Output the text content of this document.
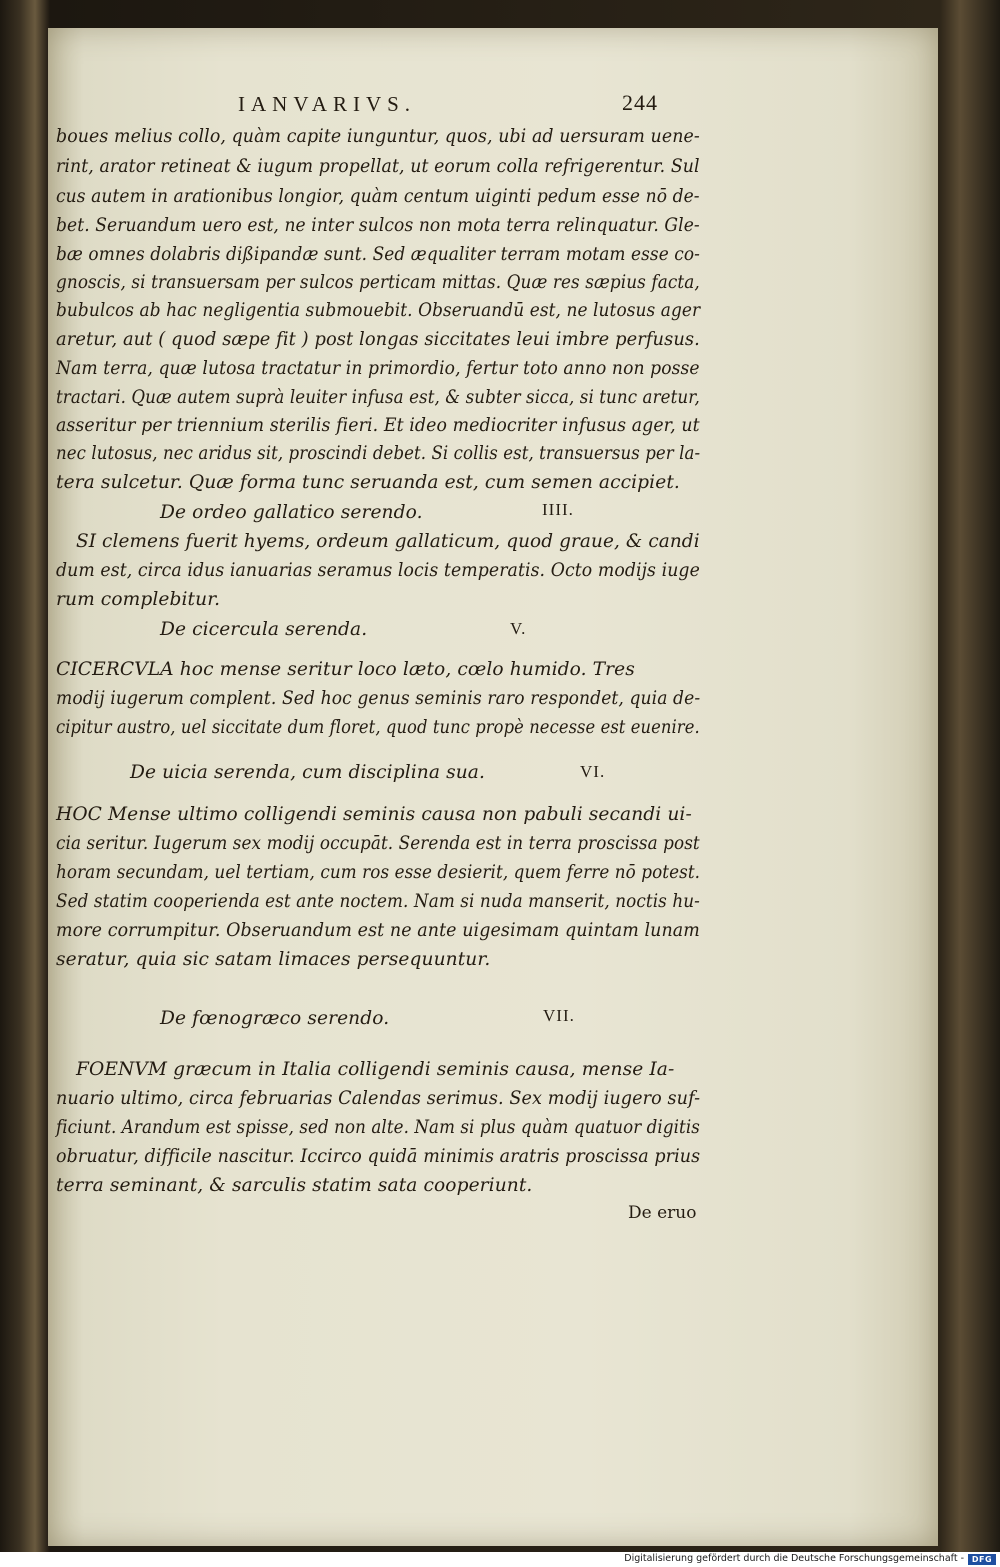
IANVARIVS.	244
boues melius collo, quàm capite iunguntur, quos, ubi ad uersuram uene-
rint, arator retineat & iugum propellat, ut eorum colla refrigerentur. Sul
cus autem in arationibus longior, quàm centum uiginti pedum esse nō de-
bet. Seruandum uero est, ne inter sulcos non mota terra relinquatur. Gle-
bæ omnes dolabris dißipandæ sunt. Sed æqualiter terram motam esse co-
gnoscis, si transuersam per sulcos perticam mittas. Quæ res sæpius facta,
bubulcos ab hac negligentia submouebit. Obseruandū est, ne lutosus ager
aretur, aut ( quod sæpe fit ) post longas siccitates leui imbre perfusus.
Nam terra, quæ lutosa tractatur in primordio, fertur toto anno non posse
tractari. Quæ autem suprà leuiter infusa est, & subter sicca, si tunc aretur,
asseritur per triennium sterilis fieri. Et ideo mediocriter infusus ager, ut
nec lutosus, nec aridus sit, proscindi debet. Si collis est, transuersus per la-
tera sulcetur. Quæ forma tunc seruanda est, cum semen accipiet.
De ordeo gallatico serendo.	IIII.
SI clemens fuerit hyems, ordeum gallaticum, quod graue, & candi
dum est, circa idus ianuarias seramus locis temperatis. Octo modijs iuge
rum complebitur.
De cicercula serenda.	V.
CICERCVLA hoc mense seritur loco læto, cœlo humido. Tres
modij iugerum complent. Sed hoc genus seminis raro respondet, quia de-
cipitur austro, uel siccitate dum floret, quod tunc propè necesse est euenire.
De uicia serenda, cum disciplina sua.	VI.
HOC Mense ultimo colligendi seminis causa non pabuli secandi ui-
cia seritur. Iugerum sex modij occupāt. Serenda est in terra proscissa post
horam secundam, uel tertiam, cum ros esse desierit, quem ferre nō potest.
Sed statim cooperienda est ante noctem. Nam si nuda manserit, noctis hu-
more corrumpitur. Obseruandum est ne ante uigesimam quintam lunam
seratur, quia sic satam limaces persequuntur.
De fœnogræco serendo.	VII.
FOENVM græcum in Italia colligendi seminis causa, mense Ia-
nuario ultimo, circa februarias Calendas serimus. Sex modij iugero suf-
ficiunt. Arandum est spisse, sed non alte. Nam si plus quàm quatuor digitis
obruatur, difficile nascitur. Iccirco quidā minimis aratris proscissa prius
terra seminant, & sarculis statim sata cooperiunt.
De eruo
Digitalisierung gefördert durch die Deutsche Forschungsgemeinschaft - DFG
